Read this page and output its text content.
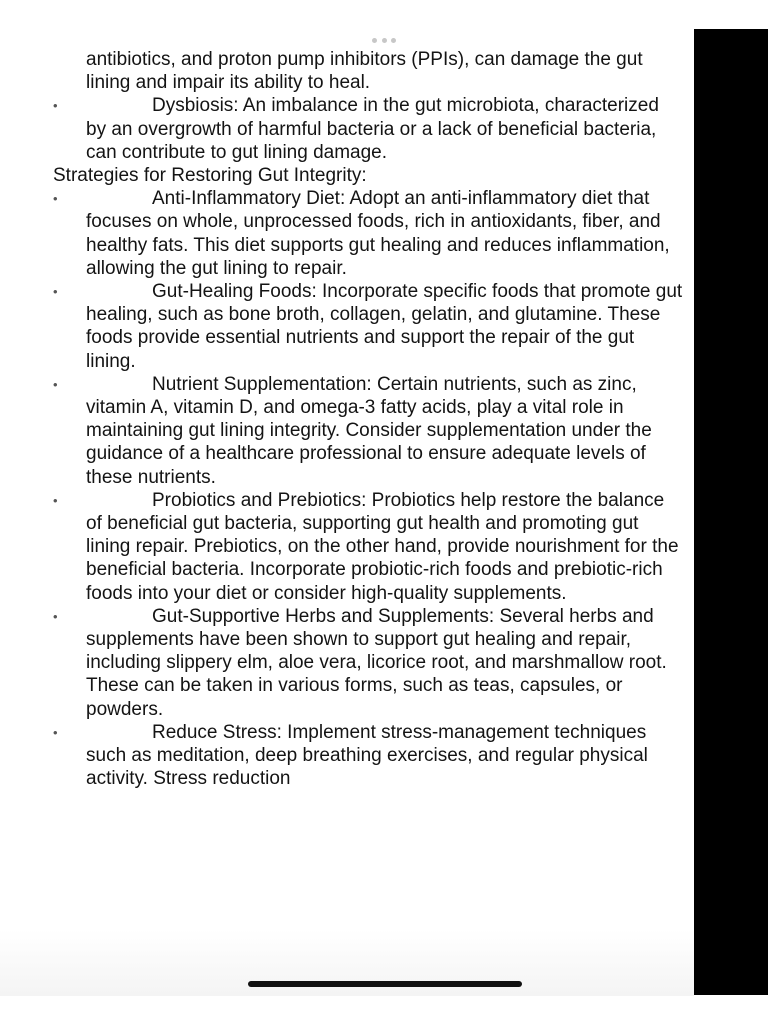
antibiotics, and proton pump inhibitors (PPIs), can damage the gut lining and impair its ability to heal.

•	Dysbiosis: An imbalance in the gut microbiota, characterized by an overgrowth of harmful bacteria or a lack of beneficial bacteria, can contribute to gut lining damage.

Strategies for Restoring Gut Integrity:

•	Anti-Inflammatory Diet: Adopt an anti-inflammatory diet that focuses on whole, unprocessed foods, rich in antioxidants, fiber, and healthy fats. This diet supports gut healing and reduces inflammation, allowing the gut lining to repair.
•	Gut-Healing Foods: Incorporate specific foods that promote gut healing, such as bone broth, collagen, gelatin, and glutamine. These foods provide essential nutrients and support the repair of the gut lining.
•	Nutrient Supplementation: Certain nutrients, such as zinc, vitamin A, vitamin D, and omega-3 fatty acids, play a vital role in maintaining gut lining integrity. Consider supplementation under the guidance of a healthcare professional to ensure adequate levels of these nutrients.
•	Probiotics and Prebiotics: Probiotics help restore the balance of beneficial gut bacteria, supporting gut health and promoting gut lining repair. Prebiotics, on the other hand, provide nourishment for the beneficial bacteria. Incorporate probiotic-rich foods and prebiotic-rich foods into your diet or consider high-quality supplements.
•	Gut-Supportive Herbs and Supplements: Several herbs and supplements have been shown to support gut healing and repair, including slippery elm, aloe vera, licorice root, and marshmallow root. These can be taken in various forms, such as teas, capsules, or powders.
•	Reduce Stress: Implement stress-management techniques such as meditation, deep breathing exercises, and regular physical activity. Stress reduction
